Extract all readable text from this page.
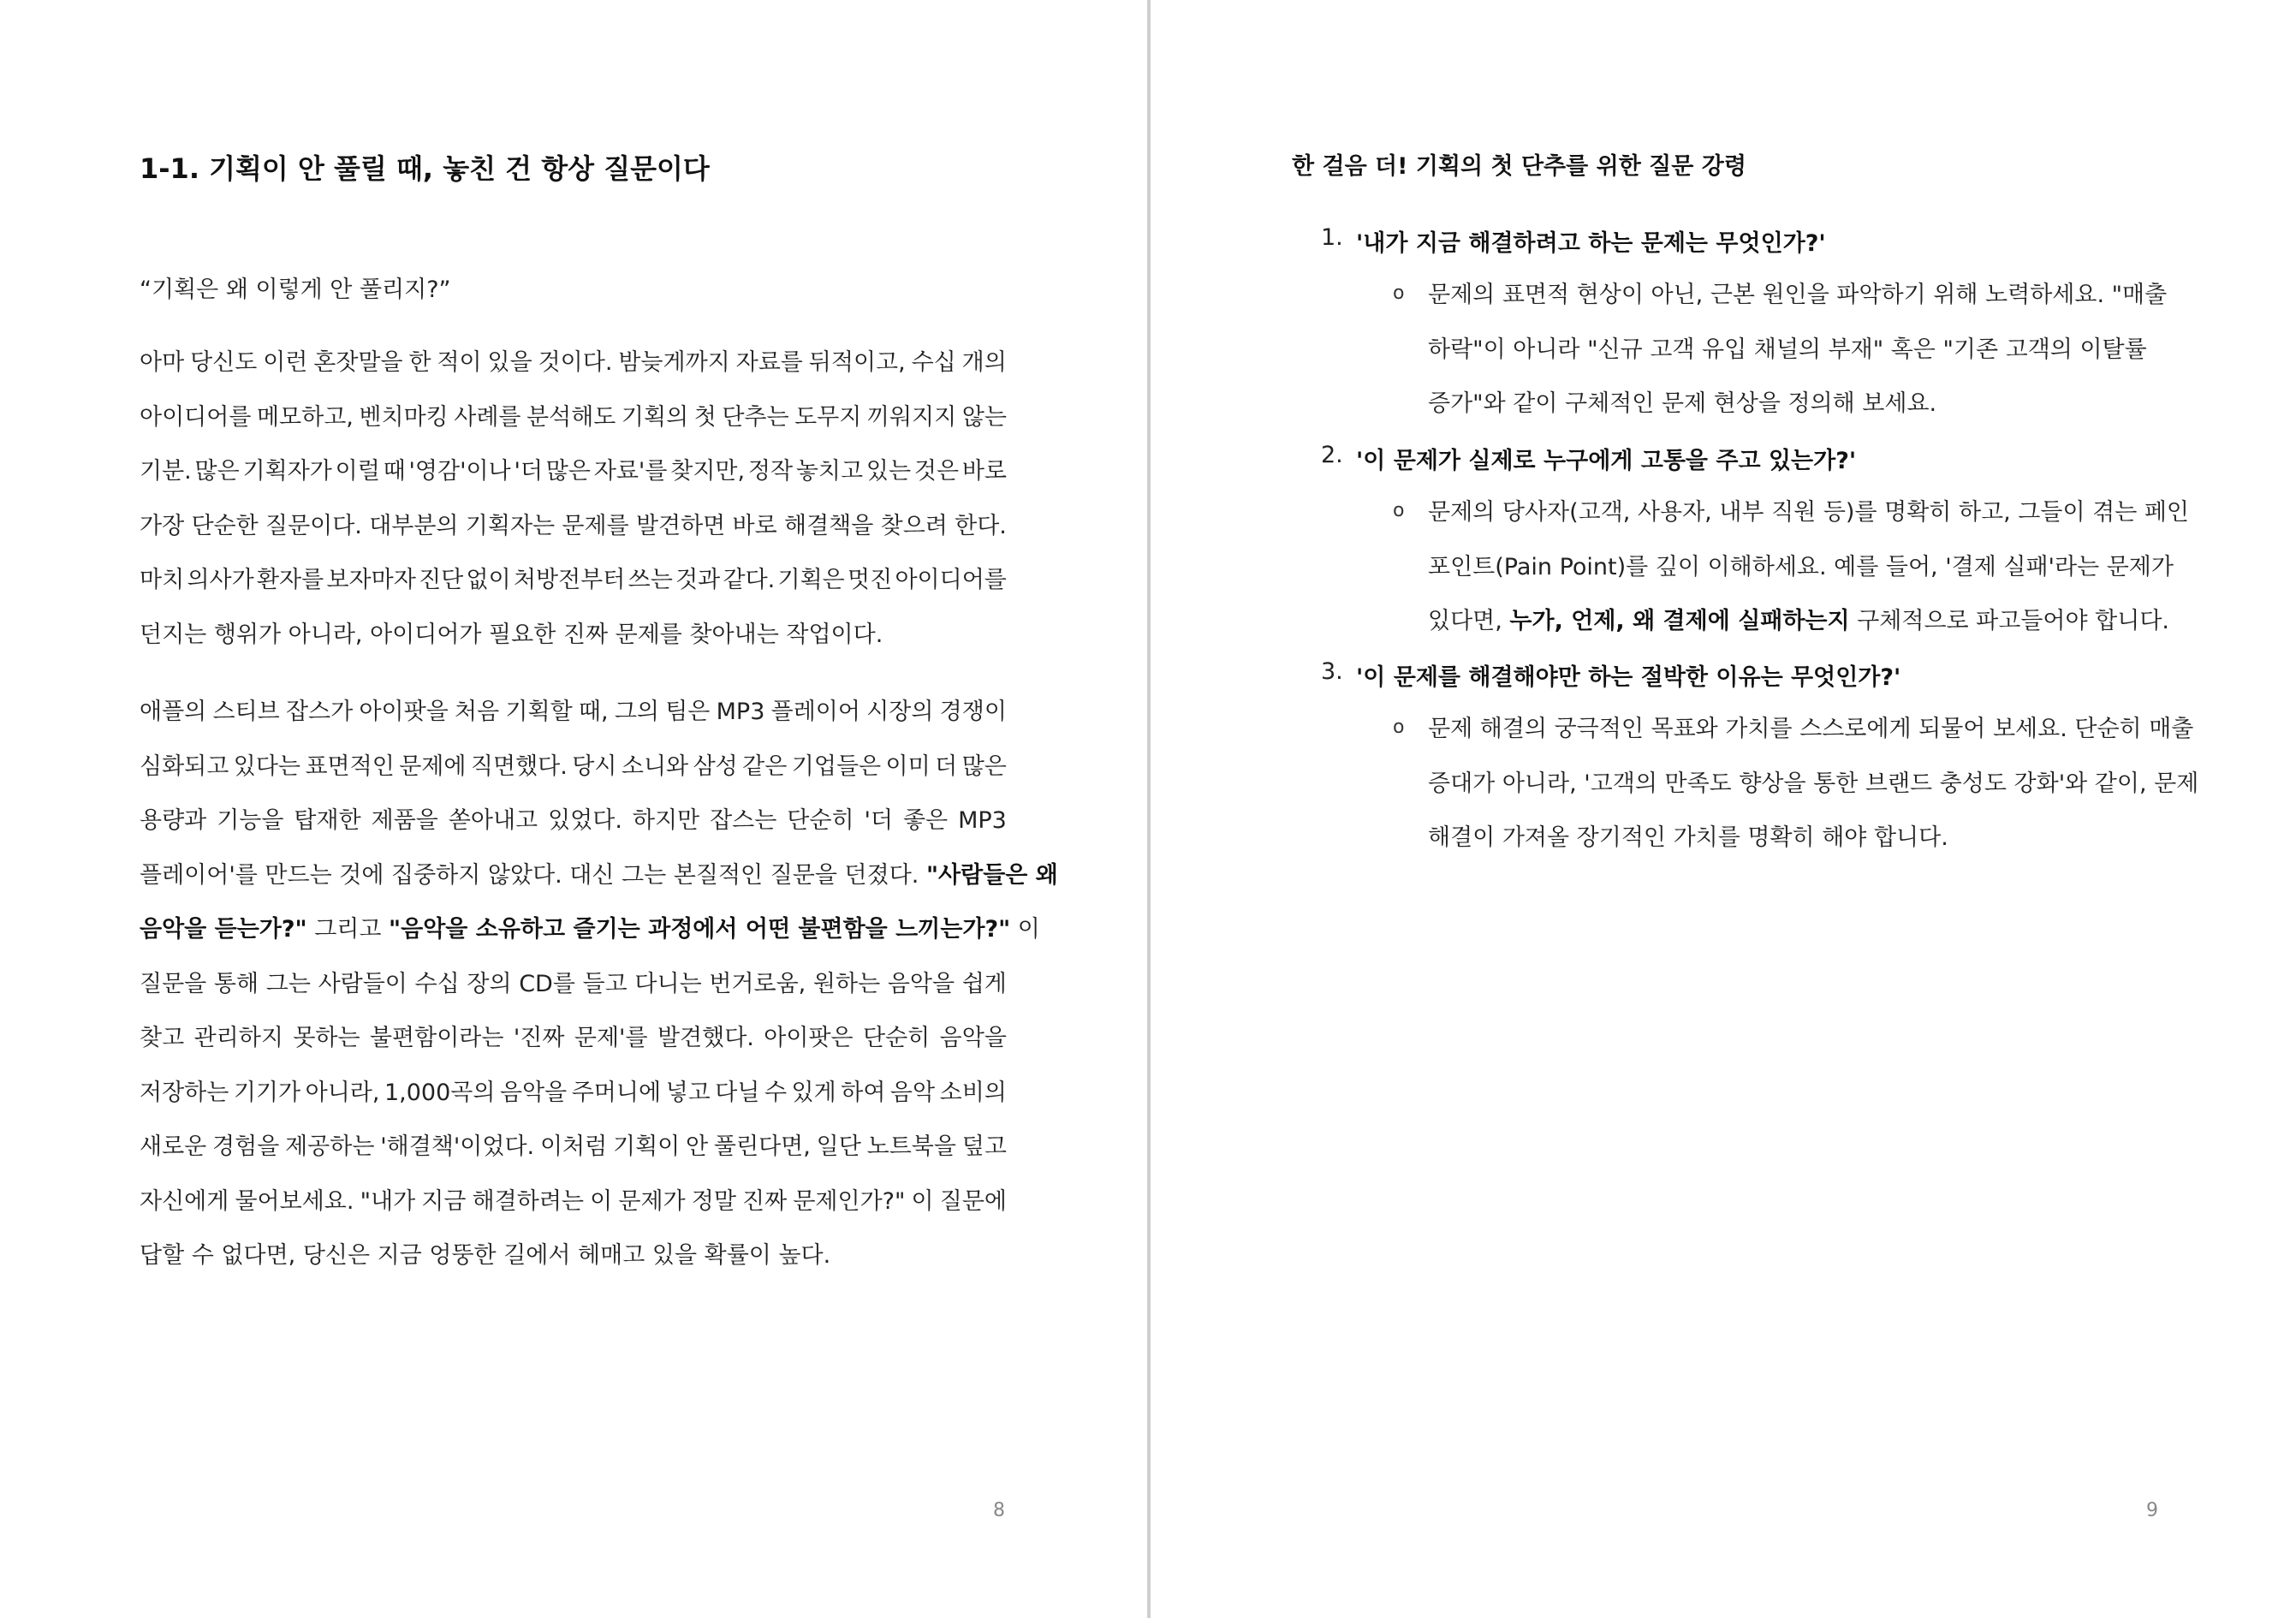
1-1. 기획이 안 풀릴 때, 놓친 건 항상 질문이다
“기획은 왜 이렇게 안 풀리지?”
아마 당신도 이런 혼잣말을 한 적이 있을 것이다. 밤늦게까지 자료를 뒤적이고, 수십 개의
아이디어를 메모하고, 벤치마킹 사례를 분석해도 기획의 첫 단추는 도무지 끼워지지 않는
기분. 많은 기획자가 이럴 때 '영감'이나 '더 많은 자료'를 찾지만, 정작 놓치고 있는 것은 바로
가장 단순한 질문이다. 대부분의 기획자는 문제를 발견하면 바로 해결책을 찾으려 한다.
마치 의사가 환자를 보자마자 진단 없이 처방전부터 쓰는 것과 같다. 기획은 멋진 아이디어를
던지는 행위가 아니라, 아이디어가 필요한 진짜 문제를 찾아내는 작업이다.
애플의 스티브 잡스가 아이팟을 처음 기획할 때, 그의 팀은 MP3 플레이어 시장의 경쟁이
심화되고 있다는 표면적인 문제에 직면했다. 당시 소니와 삼성 같은 기업들은 이미 더 많은
용량과 기능을 탑재한 제품을 쏟아내고 있었다. 하지만 잡스는 단순히 '더 좋은 MP3
플레이어'를 만드는 것에 집중하지 않았다. 대신 그는 본질적인 질문을 던졌다. "사람들은 왜
음악을 듣는가?" 그리고 "음악을 소유하고 즐기는 과정에서 어떤 불편함을 느끼는가?" 이
질문을 통해 그는 사람들이 수십 장의 CD를 들고 다니는 번거로움, 원하는 음악을 쉽게
찾고 관리하지 못하는 불편함이라는 '진짜 문제'를 발견했다. 아이팟은 단순히 음악을
저장하는 기기가 아니라, 1,000곡의 음악을 주머니에 넣고 다닐 수 있게 하여 음악 소비의
새로운 경험을 제공하는 '해결책'이었다. 이처럼 기획이 안 풀린다면, 일단 노트북을 덮고
자신에게 물어보세요. "내가 지금 해결하려는 이 문제가 정말 진짜 문제인가?" 이 질문에
답할 수 없다면, 당신은 지금 엉뚱한 길에서 헤매고 있을 확률이 높다.
8
한 걸음 더! 기획의 첫 단추를 위한 질문 강령
1. '내가 지금 해결하려고 하는 문제는 무엇인가?'
o 문제의 표면적 현상이 아닌, 근본 원인을 파악하기 위해 노력하세요. "매출
하락"이 아니라 "신규 고객 유입 채널의 부재" 혹은 "기존 고객의 이탈률
증가"와 같이 구체적인 문제 현상을 정의해 보세요.
2. '이 문제가 실제로 누구에게 고통을 주고 있는가?'
o 문제의 당사자(고객, 사용자, 내부 직원 등)를 명확히 하고, 그들이 겪는 페인
포인트(Pain Point)를 깊이 이해하세요. 예를 들어, '결제 실패'라는 문제가
있다면, 누가, 언제, 왜 결제에 실패하는지 구체적으로 파고들어야 합니다.
3. '이 문제를 해결해야만 하는 절박한 이유는 무엇인가?'
o 문제 해결의 궁극적인 목표와 가치를 스스로에게 되물어 보세요. 단순히 매출
증대가 아니라, '고객의 만족도 향상을 통한 브랜드 충성도 강화'와 같이, 문제
해결이 가져올 장기적인 가치를 명확히 해야 합니다.
9
